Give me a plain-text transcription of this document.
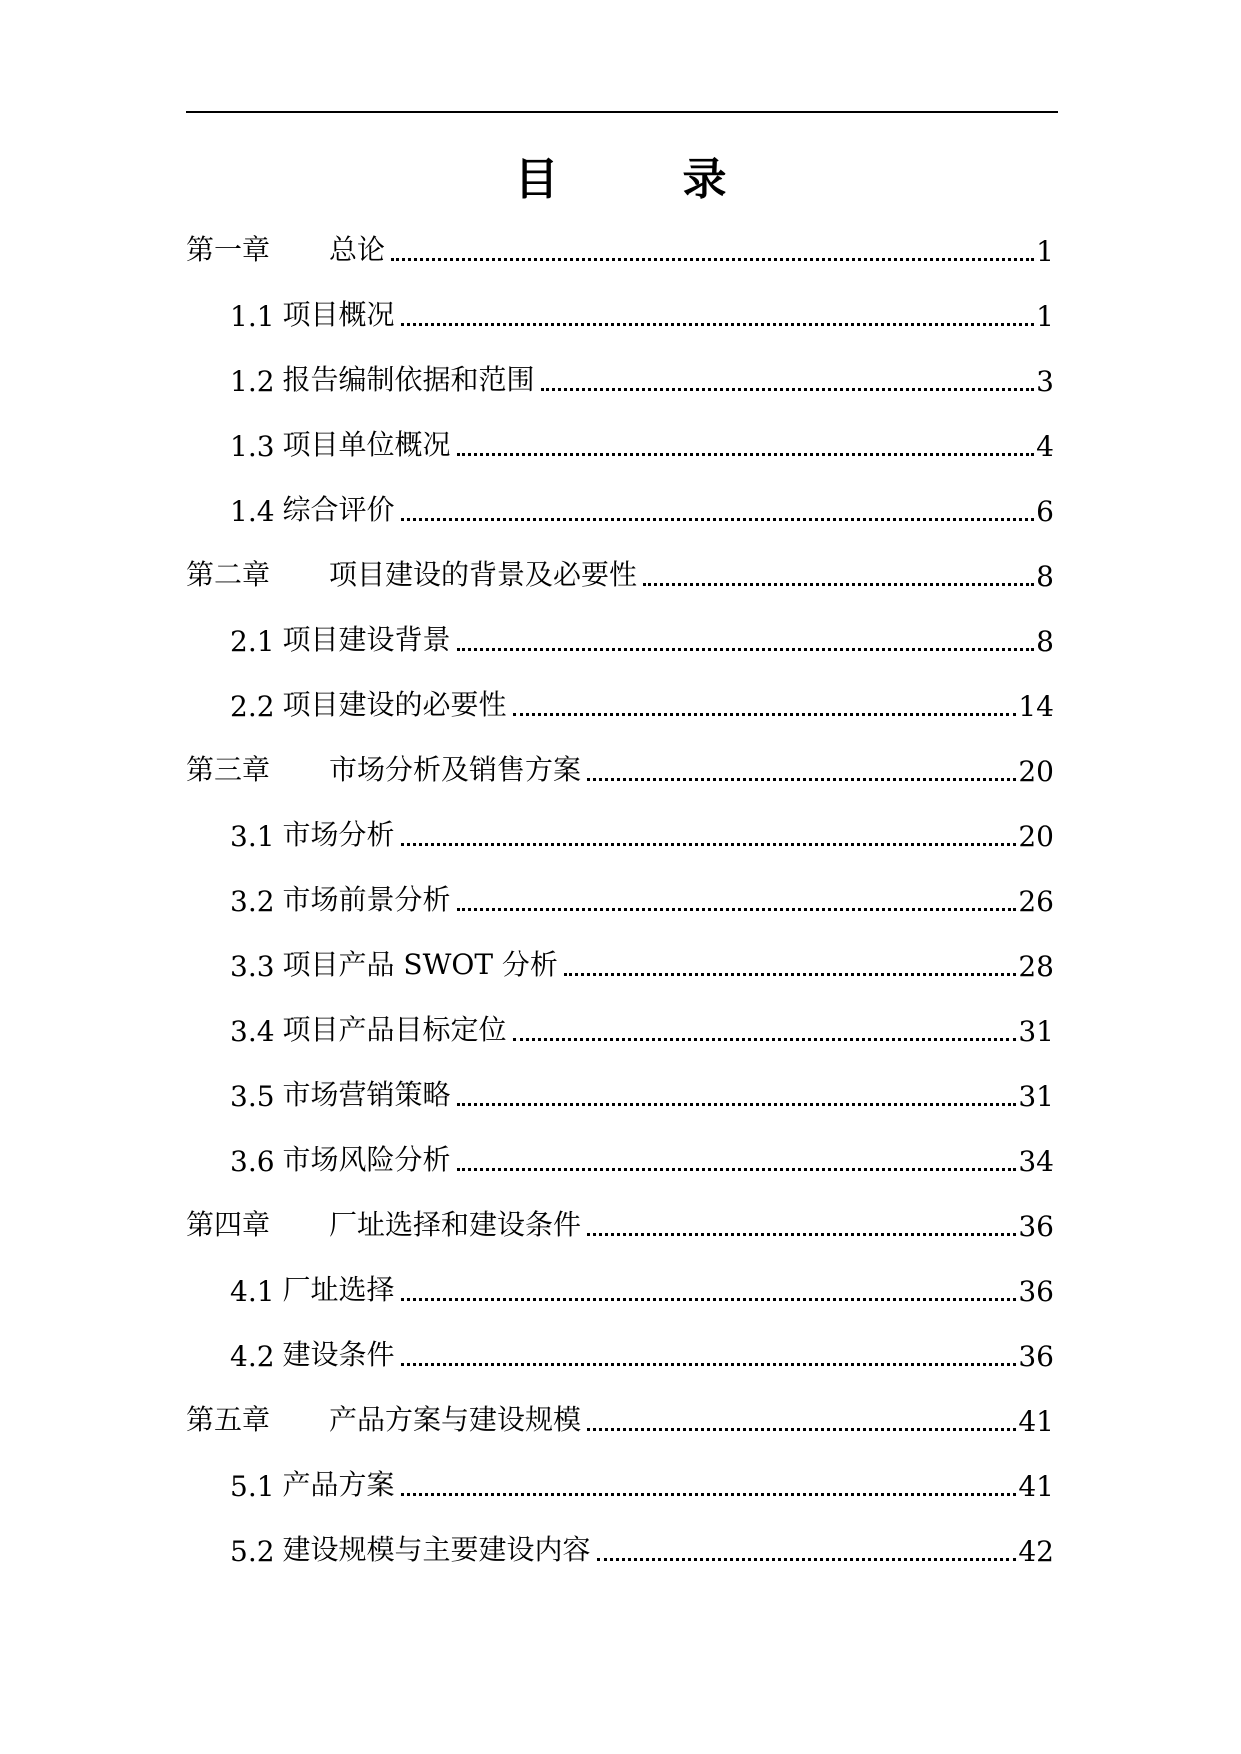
目　录
第一章	总论	1
1.1 项目概况	1
1.2 报告编制依据和范围	3
1.3 项目单位概况	4
1.4 综合评价	6
第二章	项目建设的背景及必要性	8
2.1 项目建设背景	8
2.2 项目建设的必要性	14
第三章	市场分析及销售方案	20
3.1 市场分析	20
3.2 市场前景分析	26
3.3 项目产品 SWOT 分析	28
3.4 项目产品目标定位	31
3.5 市场营销策略	31
3.6 市场风险分析	34
第四章	厂址选择和建设条件	36
4.1 厂址选择	36
4.2 建设条件	36
第五章	产品方案与建设规模	41
5.1 产品方案	41
5.2 建设规模与主要建设内容	42
